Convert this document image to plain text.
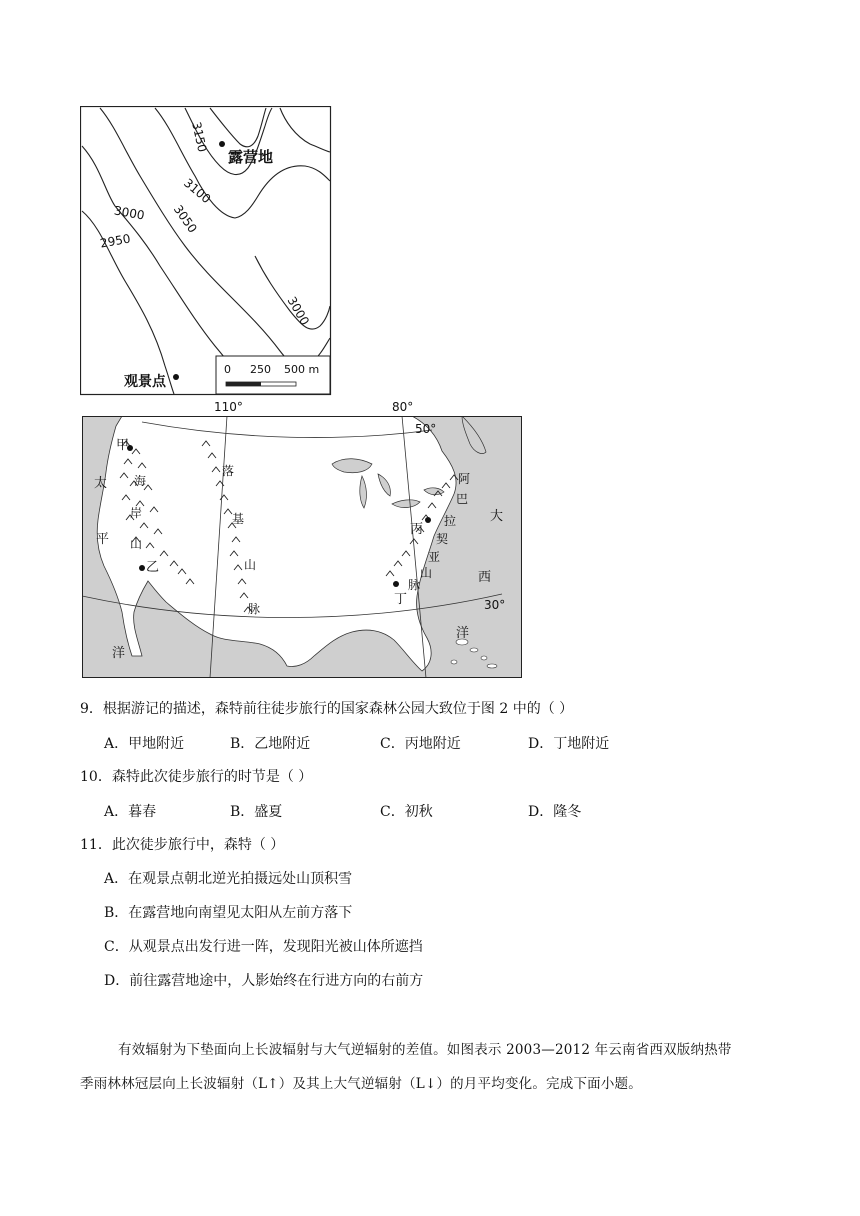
3150
3100
3050
3000
2950
3000
露营地
观景点
0 250 500 m
110°	80°
50°
30°
甲
乙
丙
丁
太
平
洋
大
西
洋
海
岸
山
落
基
山
脉
阿
巴
拉
契
亚
山
脉
9．根据游记的描述，森特前往徒步旅行的国家森林公园大致位于图 2 中的（ ）
A．甲地附近	B．乙地附近	C．丙地附近	D．丁地附近
10．森特此次徒步旅行的时节是（ ）
A．暮春	B．盛夏	C．初秋	D．隆冬
11．此次徒步旅行中，森特（ ）
A．在观景点朝北逆光拍摄远处山顶积雪
B．在露营地向南望见太阳从左前方落下
C．从观景点出发行进一阵，发现阳光被山体所遮挡
D．前往露营地途中，人影始终在行进方向的右前方
有效辐射为下垫面向上长波辐射与大气逆辐射的差值。如图表示 2003—2012 年云南省西双版纳热带
季雨林林冠层向上长波辐射（L↑）及其上大气逆辐射（L↓）的月平均变化。完成下面小题。
